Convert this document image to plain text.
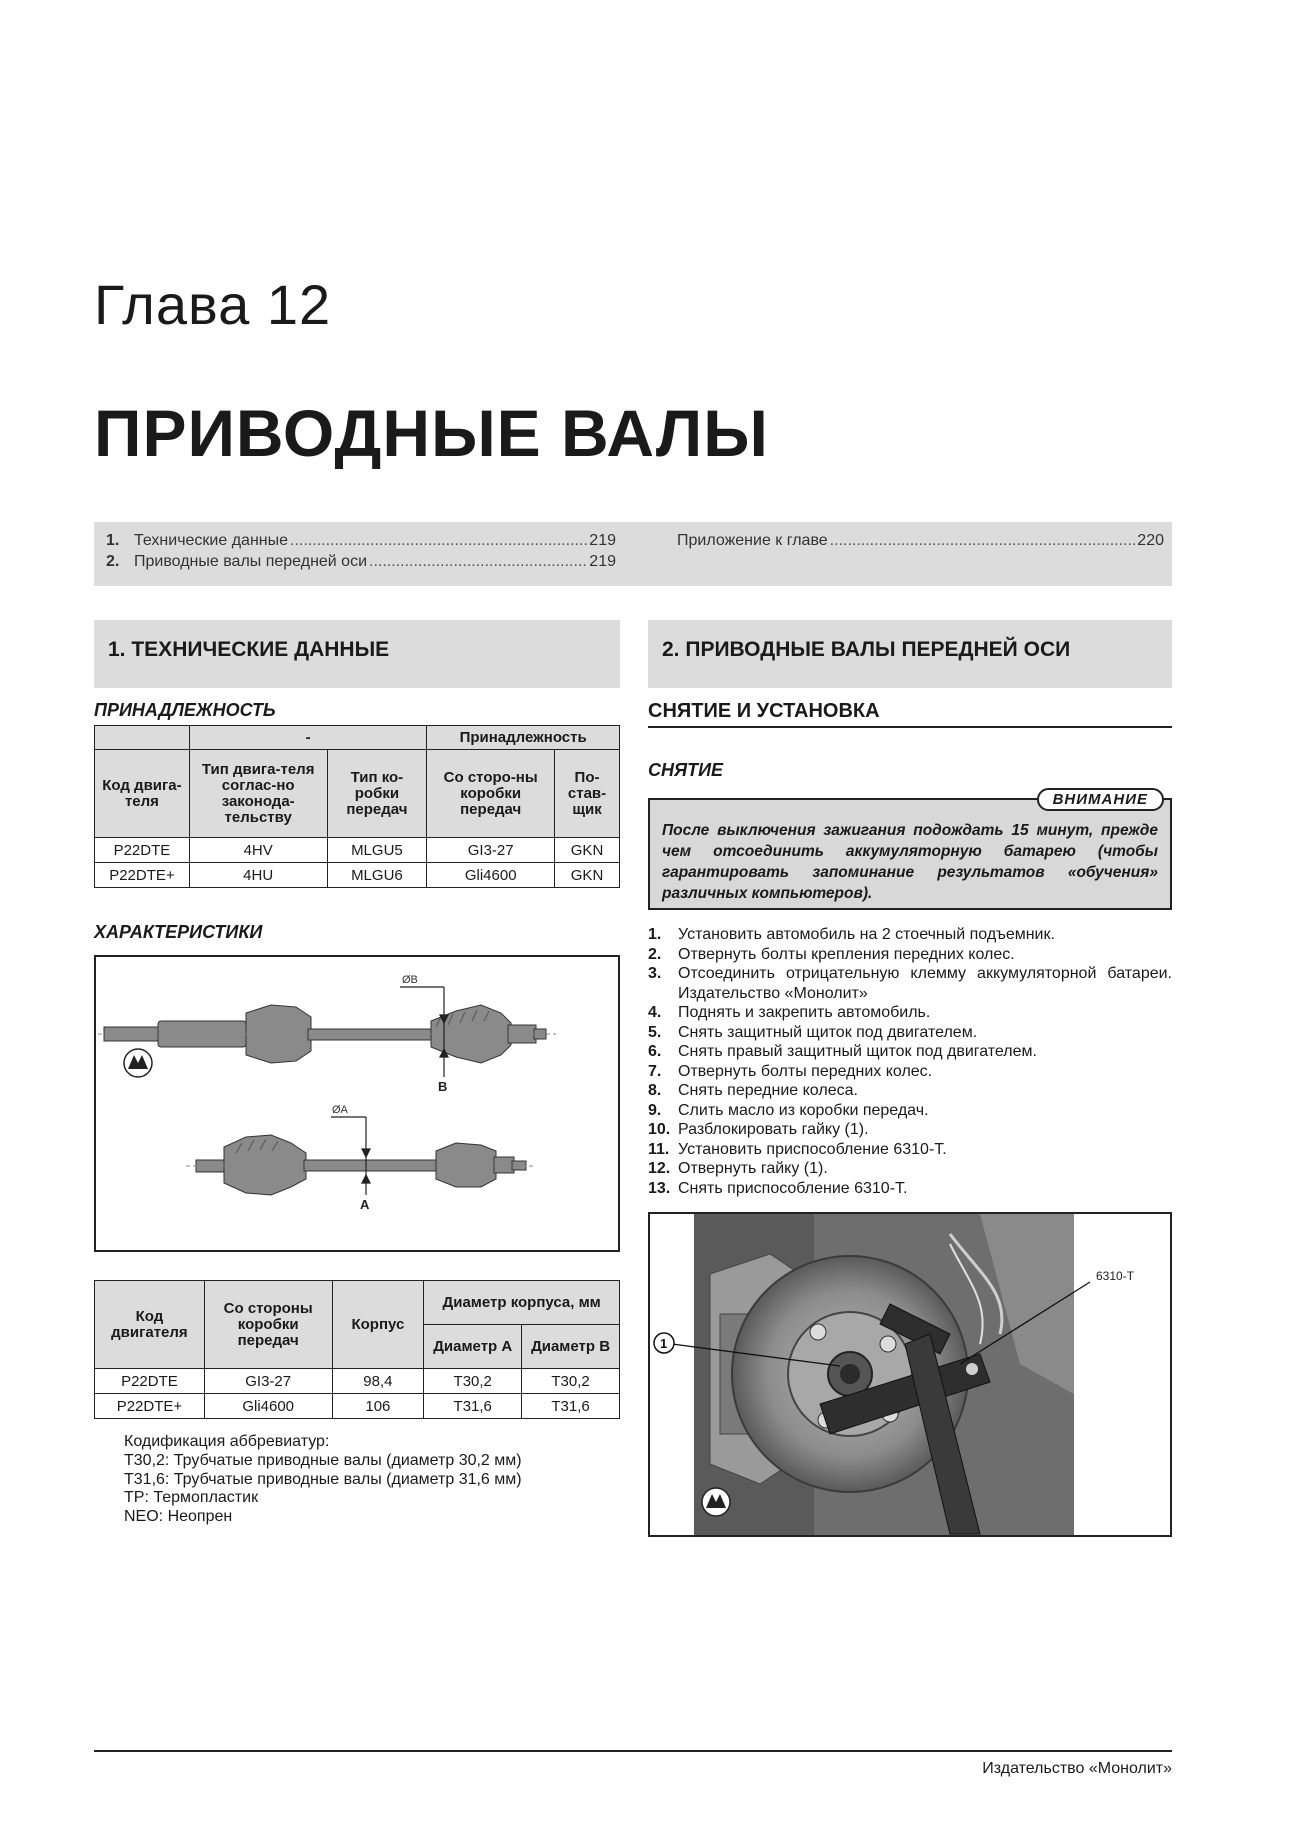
Глава 12
ПРИВОДНЫЕ ВАЛЫ
1. Технические данные .....	219
2. Приводные валы передней оси .....	219
Приложение к главе .....	220
1. ТЕХНИЧЕСКИЕ ДАННЫЕ	2. ПРИВОДНЫЕ ВАЛЫ ПЕРЕДНЕЙ ОСИ
ПРИНАДЛЕЖНОСТЬ
	-		Принадлежность	
Код двига-теля	Тип двига-теля соглас-но законода-тельству	Тип ко-робки передач	Со сторо-ны коробки передач	По-став-щик
P22DTE	4HV	MLGU5	GI3-27	GKN
P22DTE+	4HU	MLGU6	Gli4600	GKN
ХАРАКТЕРИСТИКИ
ØB
B
ØA
A
Код двигателя	Со стороны коробки передач	Корпус	Диаметр корпуса, мм	
			Диаметр А	Диаметр В
P22DTE	GI3-27	98,4	T30,2	T30,2
P22DTE+	Gli4600	106	T31,6	T31,6
Кодификация аббревиатур:
T30,2: Трубчатые приводные валы (диаметр 30,2 мм)
T31,6: Трубчатые приводные валы (диаметр 31,6 мм)
TP: Термопластик
NEO: Неопрен
СНЯТИЕ И УСТАНОВКА
СНЯТИЕ
ВНИМАНИЕ
После выключения зажигания подождать 15 минут, прежде чем отсоединить аккумуляторную батарею (чтобы гарантировать запоминание результатов «обучения» различных компьютеров).
1.	Установить автомобиль на 2 стоечный подъемник.
2.	Отвернуть болты крепления передних колес.
3.	Отсоединить отрицательную клемму аккумуляторной батареи. Издательство «Монолит»
4.	Поднять и закрепить автомобиль.
5.	Снять защитный щиток под двигателем.
6.	Снять правый защитный щиток под двигателем.
7.	Отвернуть болты передних колес.
8.	Снять передние колеса.
9.	Слить масло из коробки передач.
10. Разблокировать гайку (1).
11. Установить приспособление 6310-Т.
12. Отвернуть гайку (1).
13. Снять приспособление 6310-Т.
1
6310-T
Издательство «Монолит»
